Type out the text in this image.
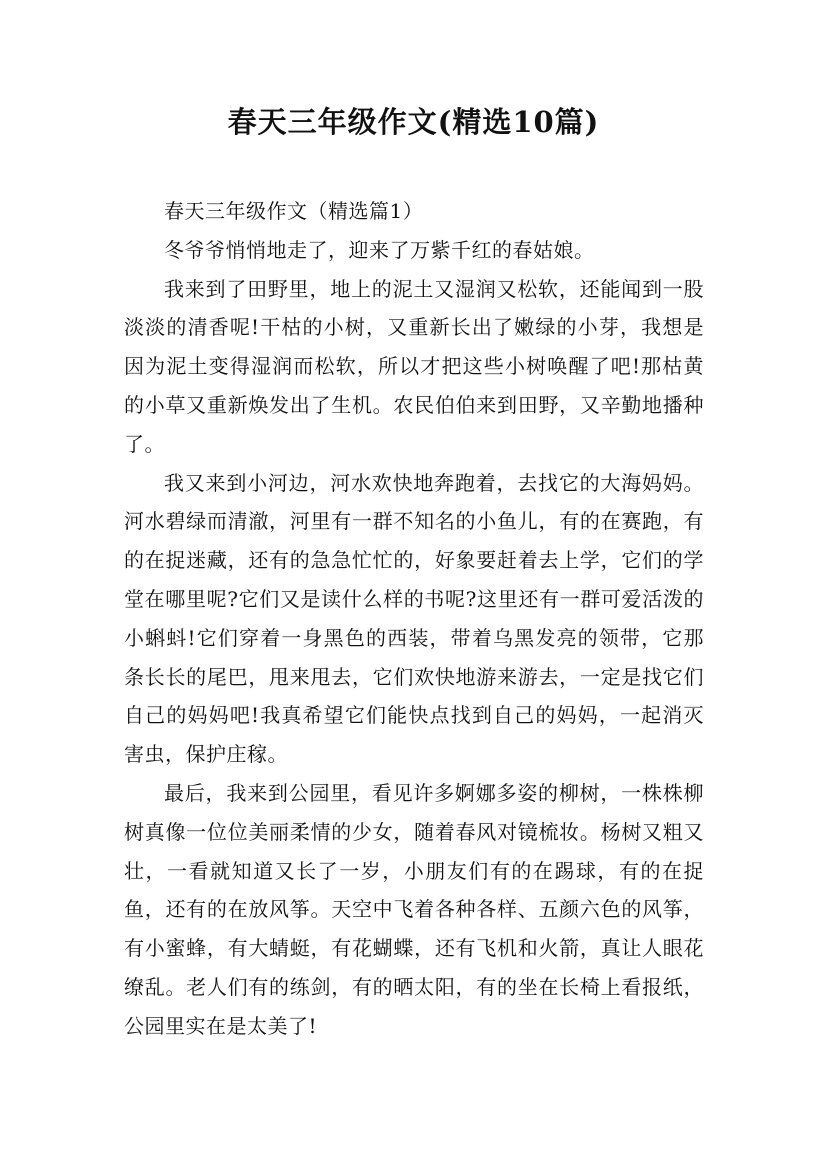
春天三年级作文(精选10篇)

春天三年级作文（精选篇1）

冬爷爷悄悄地走了，迎来了万紫千红的春姑娘。

我来到了田野里，地上的泥土又湿润又松软，还能闻到一股淡淡的清香呢!干枯的小树，又重新长出了嫩绿的小芽，我想是因为泥土变得湿润而松软，所以才把这些小树唤醒了吧!那枯黄的小草又重新焕发出了生机。农民伯伯来到田野，又辛勤地播种了。

我又来到小河边，河水欢快地奔跑着，去找它的大海妈妈。河水碧绿而清澈，河里有一群不知名的小鱼儿，有的在赛跑，有的在捉迷藏，还有的急急忙忙的，好象要赶着去上学，它们的学堂在哪里呢?它们又是读什么样的书呢?这里还有一群可爱活泼的小蝌蚪!它们穿着一身黑色的西装，带着乌黑发亮的领带，它那条长长的尾巴，甩来甩去，它们欢快地游来游去，一定是找它们自己的妈妈吧!我真希望它们能快点找到自己的妈妈，一起消灭害虫，保护庄稼。

最后，我来到公园里，看见许多婀娜多姿的柳树，一株株柳树真像一位位美丽柔情的少女，随着春风对镜梳妆。杨树又粗又壮，一看就知道又长了一岁，小朋友们有的在踢球，有的在捉鱼，还有的在放风筝。天空中飞着各种各样、五颜六色的风筝，有小蜜蜂，有大蜻蜓，有花蝴蝶，还有飞机和火箭，真让人眼花缭乱。老人们有的练剑，有的晒太阳，有的坐在长椅上看报纸，公园里实在是太美了!
